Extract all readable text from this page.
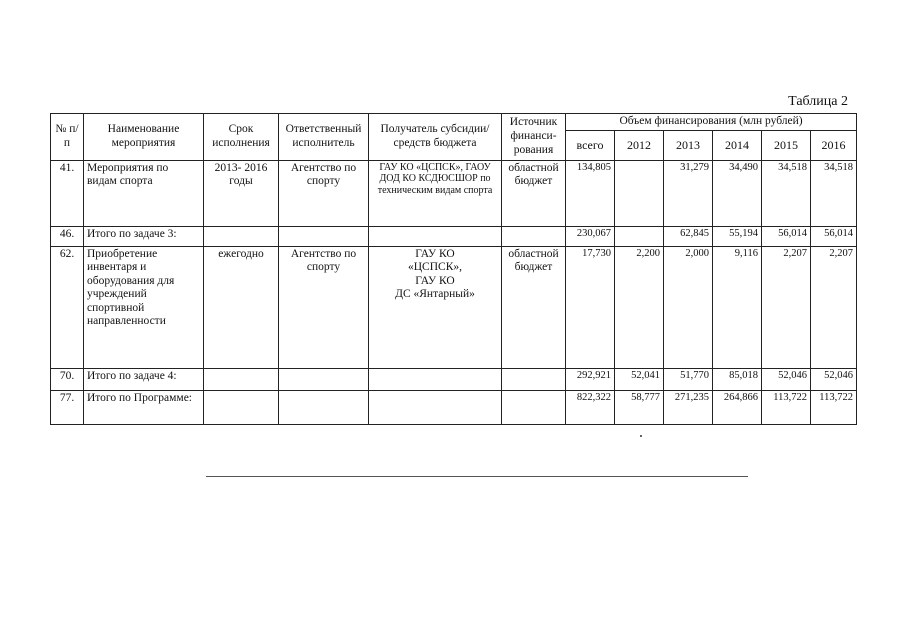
Таблица 2
№ п/п	Наименование мероприятия	Срок исполнения	Ответственный исполнитель	Получатель субсидии/ средств бюджета	Источник финанси-рования	Объем финансирования (млн рублей)					
						всего	2012	2013	2014	2015	2016
41.	Мероприятия по видам спорта	2013- 2016 годы	Агентство по спорту	ГАУ КО «ЦСПСК», ГАОУ ДОД КО КСДЮСШОР по техническим видам спорта	областной бюджет	134,805		31,279	34,490	34,518	34,518
46.	Итого по задаче 3:					230,067		62,845	55,194	56,014	56,014
62.	Приобретение инвентаря и оборудования для учреждений спортивной направленности	ежегодно	Агентство по спорту	ГАУ КО
«ЦСПСК»,
ГАУ КО
ДС «Янтарный»	областной бюджет	17,730	2,200	2,000	9,116	2,207	2,207
70.	Итого по задаче 4:					292,921	52,041	51,770	85,018	52,046	52,046
77.	Итого по Программе:					822,322	58,777	271,235	264,866	113,722	113,722
